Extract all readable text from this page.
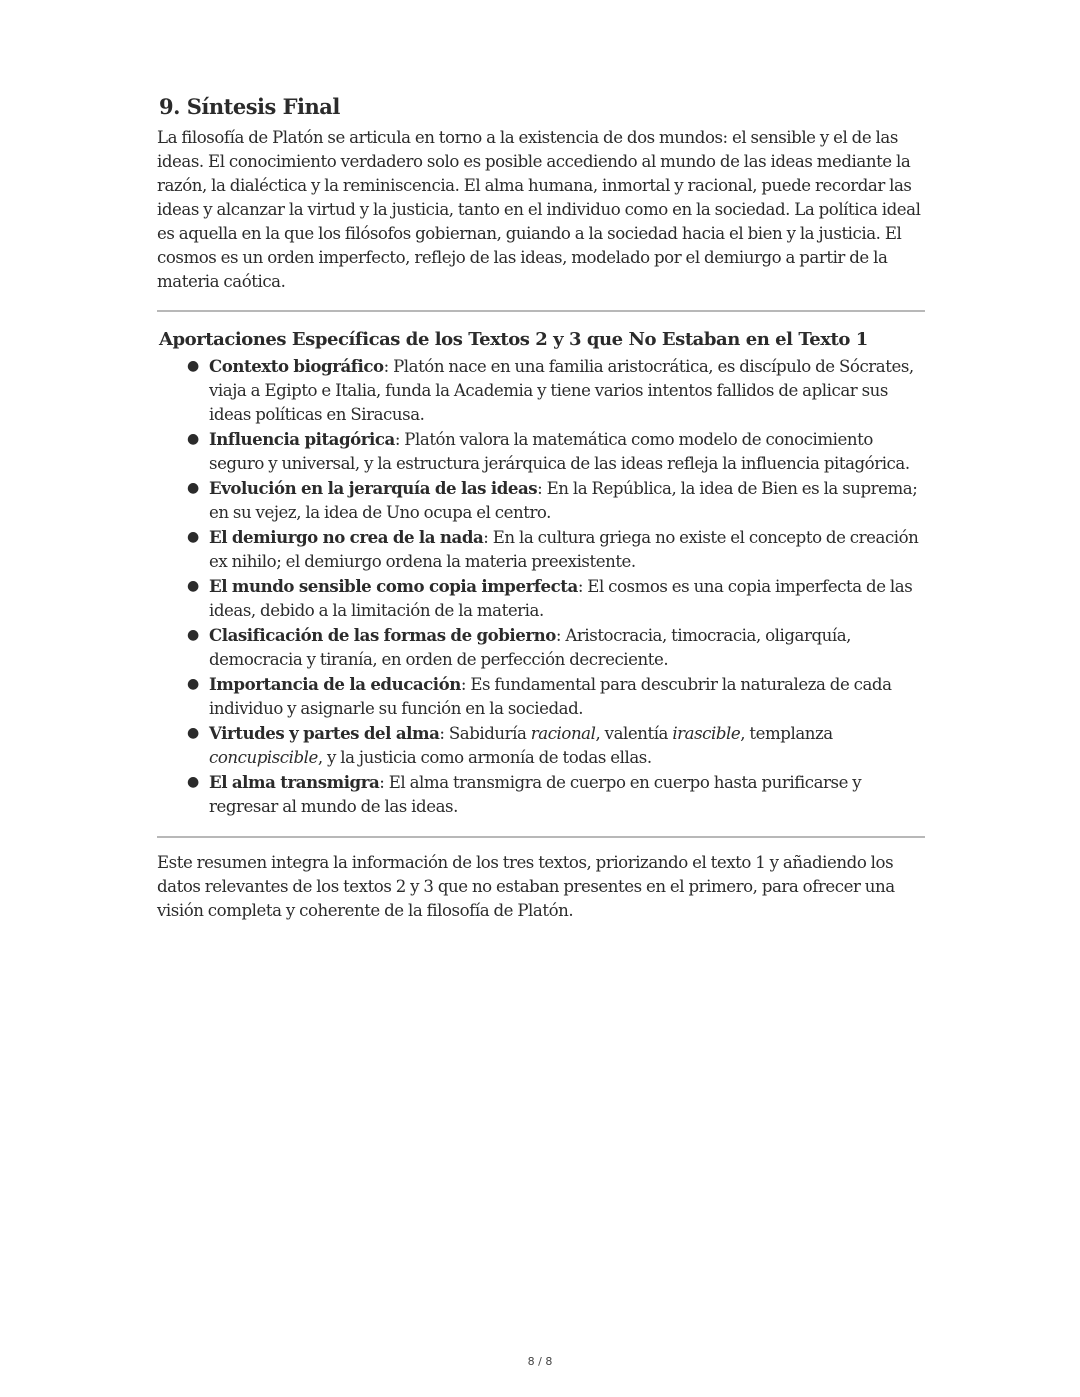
9. Síntesis Final

La filosofía de Platón se articula en torno a la existencia de dos mundos: el sensible y el de las ideas. El conocimiento verdadero solo es posible accediendo al mundo de las ideas mediante la razón, la dialéctica y la reminiscencia. El alma humana, inmortal y racional, puede recordar las ideas y alcanzar la virtud y la justicia, tanto en el individuo como en la sociedad. La política ideal es aquella en la que los filósofos gobiernan, guiando a la sociedad hacia el bien y la justicia. El cosmos es un orden imperfecto, reflejo de las ideas, modelado por el demiurgo a partir de la materia caótica.

Aportaciones Específicas de los Textos 2 y 3 que No Estaban en el Texto 1
● Contexto biográfico: Platón nace en una familia aristocrática, es discípulo de Sócrates, viaja a Egipto e Italia, funda la Academia y tiene varios intentos fallidos de aplicar sus ideas políticas en Siracusa.
● Influencia pitagórica: Platón valora la matemática como modelo de conocimiento seguro y universal, y la estructura jerárquica de las ideas refleja la influencia pitagórica.
● Evolución en la jerarquía de las ideas: En la República, la idea de Bien es la suprema; en su vejez, la idea de Uno ocupa el centro.
● El demiurgo no crea de la nada: En la cultura griega no existe el concepto de creación ex nihilo; el demiurgo ordena la materia preexistente.
● El mundo sensible como copia imperfecta: El cosmos es una copia imperfecta de las ideas, debido a la limitación de la materia.
● Clasificación de las formas de gobierno: Aristocracia, timocracia, oligarquía, democracia y tiranía, en orden de perfección decreciente.
● Importancia de la educación: Es fundamental para descubrir la naturaleza de cada individuo y asignarle su función en la sociedad.
● Virtudes y partes del alma: Sabiduría racional, valentía irascible, templanza concupiscible, y la justicia como armonía de todas ellas.
● El alma transmigra: El alma transmigra de cuerpo en cuerpo hasta purificarse y regresar al mundo de las ideas.

Este resumen integra la información de los tres textos, priorizando el texto 1 y añadiendo los datos relevantes de los textos 2 y 3 que no estaban presentes en el primero, para ofrecer una visión completa y coherente de la filosofía de Platón.

8 / 8
